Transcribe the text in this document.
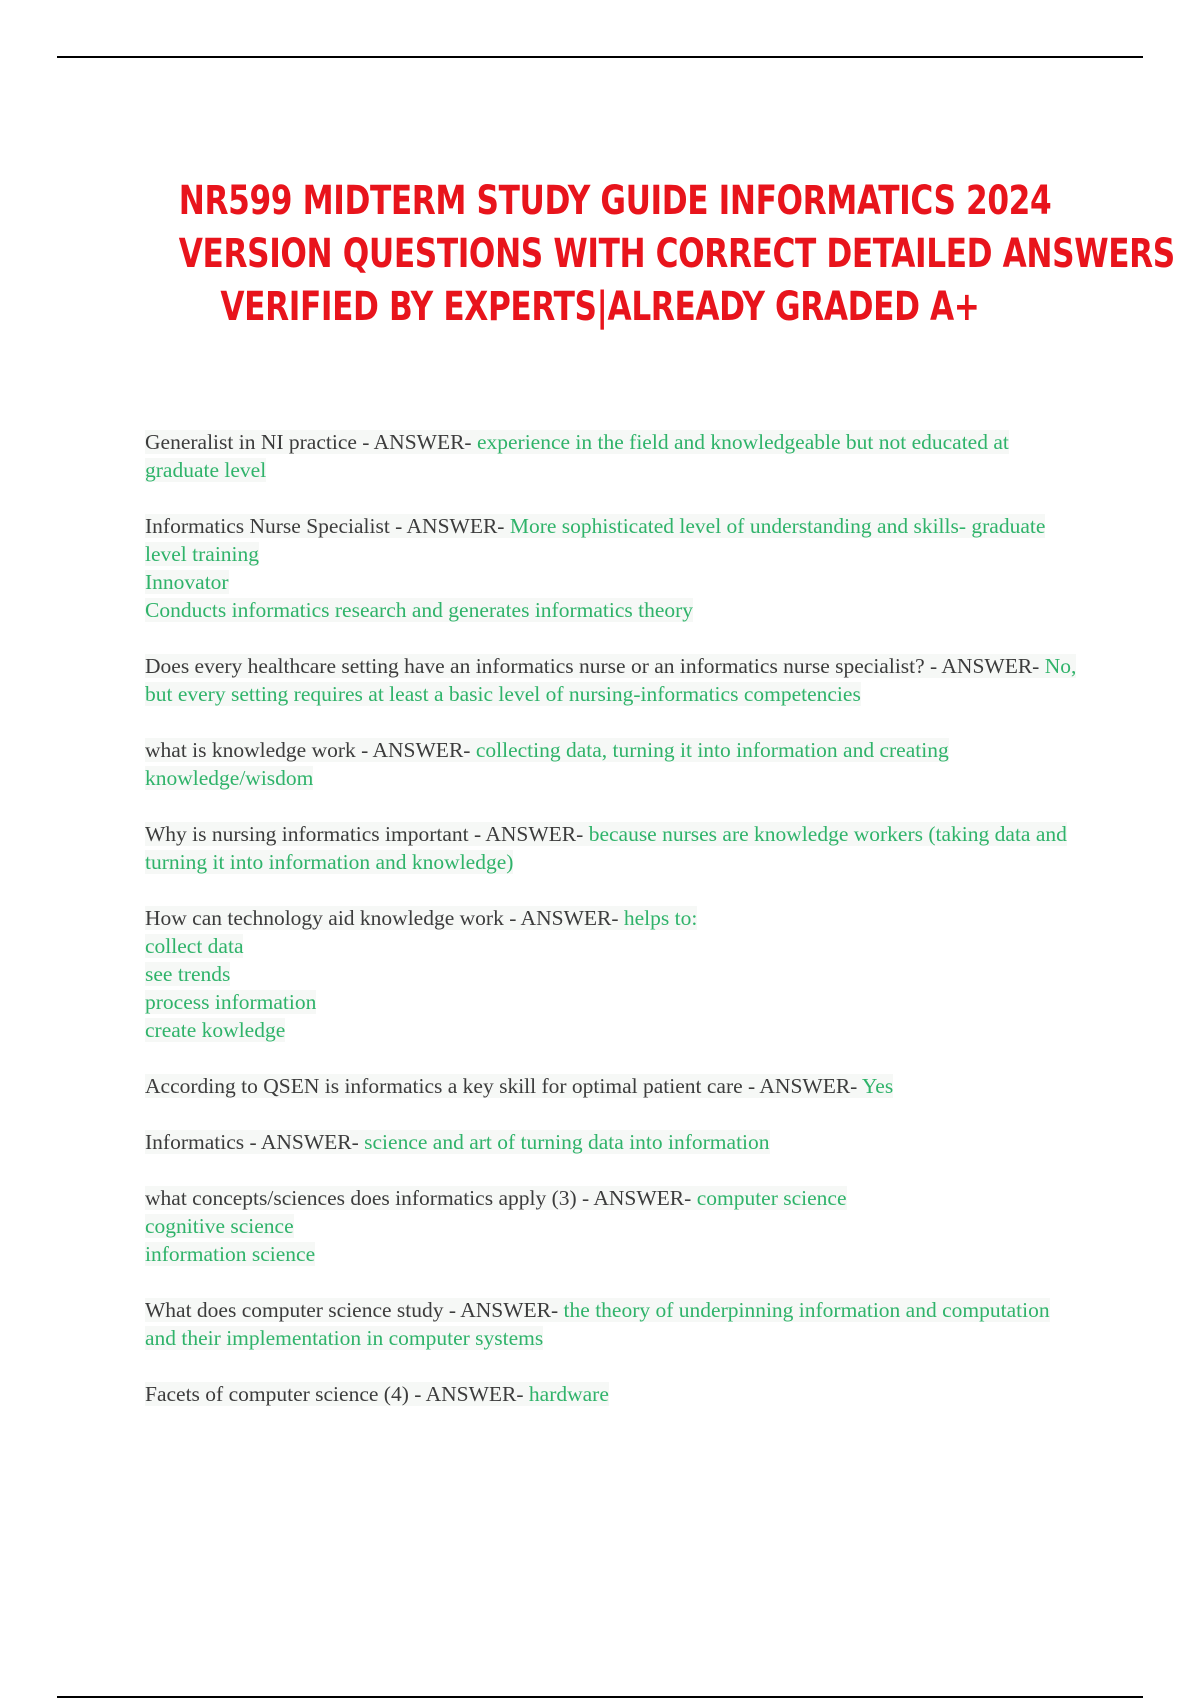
NR599 MIDTERM STUDY GUIDE INFORMATICS 2024
VERSION QUESTIONS WITH CORRECT DETAILED ANSWERS
VERIFIED BY EXPERTS|ALREADY GRADED A+
Generalist in NI practice - ANSWER- experience in the field and knowledgeable but not educated at graduate level
Informatics Nurse Specialist - ANSWER- More sophisticated level of understanding and skills- graduate level training
Innovator
Conducts informatics research and generates informatics theory
Does every healthcare setting have an informatics nurse or an informatics nurse specialist? - ANSWER- No, but every setting requires at least a basic level of nursing-informatics competencies
what is knowledge work - ANSWER- collecting data, turning it into information and creating knowledge/wisdom
Why is nursing informatics important - ANSWER- because nurses are knowledge workers (taking data and turning it into information and knowledge)
How can technology aid knowledge work - ANSWER- helps to:
collect data
see trends
process information
create kowledge
According to QSEN is informatics a key skill for optimal patient care - ANSWER- Yes
Informatics - ANSWER- science and art of turning data into information
what concepts/sciences does informatics apply (3) - ANSWER- computer science
cognitive science
information science
What does computer science study - ANSWER- the theory of underpinning information and computation and their implementation in computer systems
Facets of computer science (4) - ANSWER- hardware
